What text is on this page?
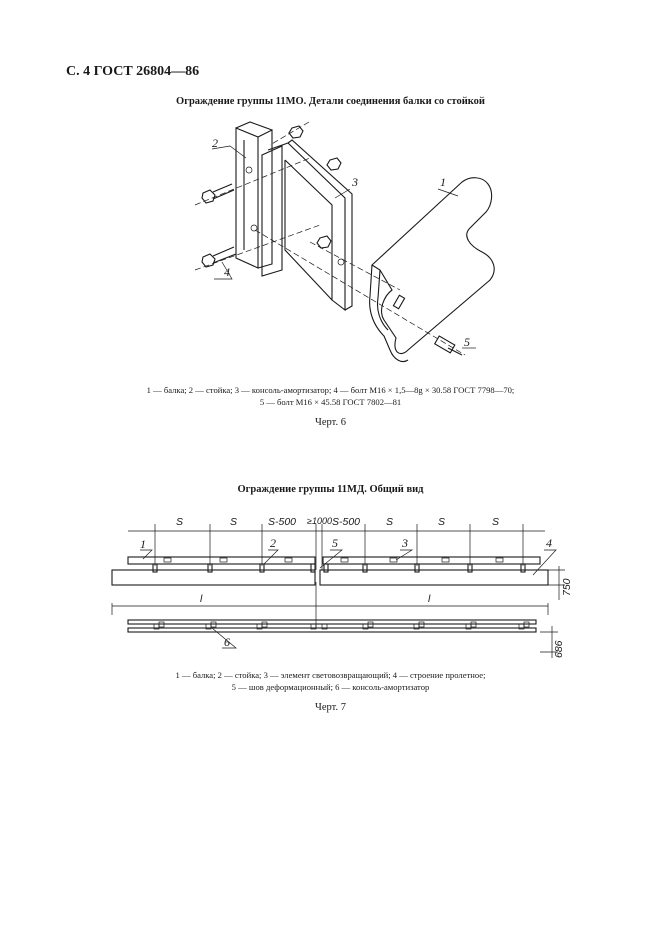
С. 4 ГОСТ 26804—86
Ограждение группы 11МО. Детали соединения балки со стойкой
2
3	1
4
5
1 — балка; 2 — стойка; 3 — консоль-амортизатор; 4 — болт М16 × 1,5—8g × 30.58 ГОСТ 7798—70;
5 — болт М16 × 45.58 ГОСТ 7802—81
Черт. 6
Ограждение группы 11МД. Общий вид
S	S	S-500 ≥1000 S-500 S	S	S
750
l	l
686
1	2	5	3	4
6
1 — балка; 2 — стойка; 3 — элемент световозвращающий; 4 — строение пролетное;
5 — шов деформационный; 6 — консоль-амортизатор
Черт. 7
